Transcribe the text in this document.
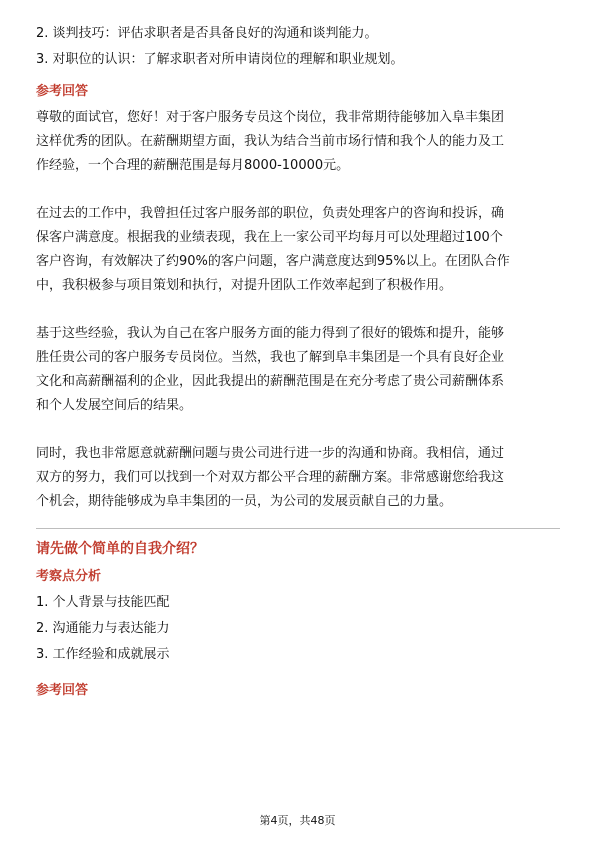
2. 谈判技巧：评估求职者是否具备良好的沟通和谈判能力。
3. 对职位的认识：了解求职者对所申请岗位的理解和职业规划。
参考回答
尊敬的面试官，您好！对于客户服务专员这个岗位，我非常期待能够加入阜丰集团
这样优秀的团队。在薪酬期望方面，我认为结合当前市场行情和我个人的能力及工
作经验，一个合理的薪酬范围是每月8000-10000元。
在过去的工作中，我曾担任过客户服务部的职位，负责处理客户的咨询和投诉，确
保客户满意度。根据我的业绩表现，我在上一家公司平均每月可以处理超过100个
客户咨询，有效解决了约90%的客户问题，客户满意度达到95%以上。在团队合作
中，我积极参与项目策划和执行，对提升团队工作效率起到了积极作用。
基于这些经验，我认为自己在客户服务方面的能力得到了很好的锻炼和提升，能够
胜任贵公司的客户服务专员岗位。当然，我也了解到阜丰集团是一个具有良好企业
文化和高薪酬福利的企业，因此我提出的薪酬范围是在充分考虑了贵公司薪酬体系
和个人发展空间后的结果。
同时，我也非常愿意就薪酬问题与贵公司进行进一步的沟通和协商。我相信，通过
双方的努力，我们可以找到一个对双方都公平合理的薪酬方案。非常感谢您给我这
个机会，期待能够成为阜丰集团的一员，为公司的发展贡献自己的力量。
请先做个简单的自我介绍？
考察点分析
1. 个人背景与技能匹配
2. 沟通能力与表达能力
3. 工作经验和成就展示
参考回答
第4页，共48页
